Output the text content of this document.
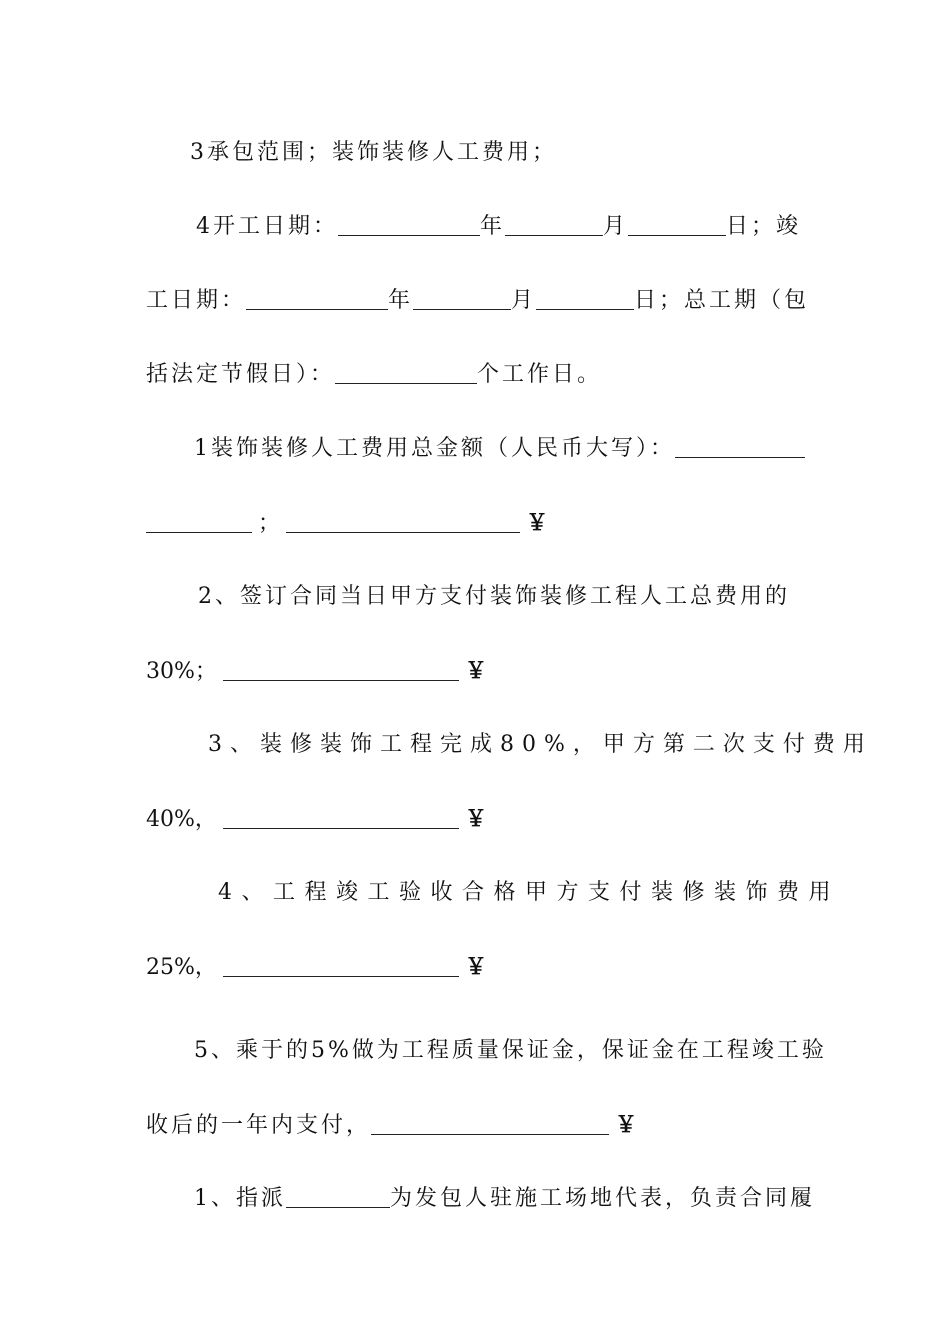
3承包范围；装饰装修人工费用；
4开工日期：	年	月	日；竣
工日期：	年	月	日；总工期（包
括法定节假日）：	个工作日。
1装饰装修人工费用总金额（人民币大写）：
；	￥
2、签订合同当日甲方支付装饰装修工程人工总费用的
30%；	￥
3、装修装饰工程完成80%，甲方第二次支付费用
40%，	￥
4、工程竣工验收合格甲方支付装修装饰费用
25%，	￥
5、乘于的5%做为工程质量保证金，保证金在工程竣工验
收后的一年内支付，	￥
1、指派	为发包人驻施工场地代表，负责合同履
